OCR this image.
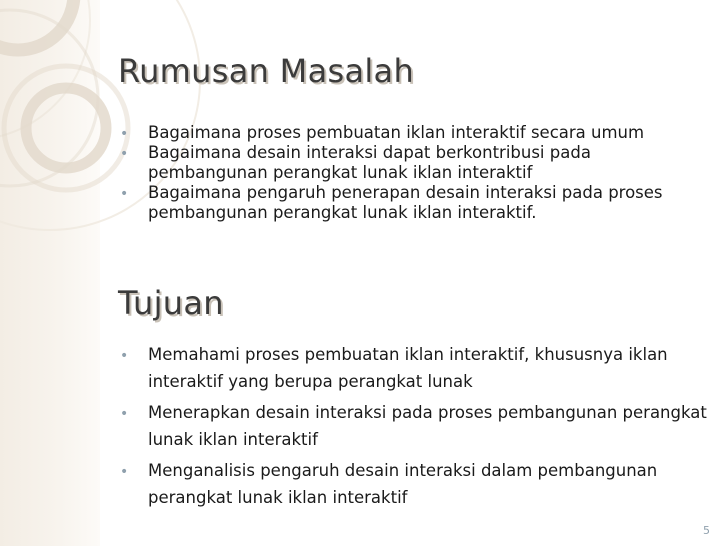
Rumusan Masalah
• Bagaimana proses pembuatan iklan interaktif secara umum
• Bagaimana desain interaksi dapat berkontribusi pada pembangunan perangkat lunak iklan interaktif
• Bagaimana pengaruh penerapan desain interaksi pada proses pembangunan perangkat lunak iklan interaktif.
Tujuan
• Memahami proses pembuatan iklan interaktif, khususnya iklan interaktif yang berupa perangkat lunak
• Menerapkan desain interaksi pada proses pembangunan perangkat lunak iklan interaktif
• Menganalisis pengaruh desain interaksi dalam pembangunan perangkat lunak iklan interaktif
5
